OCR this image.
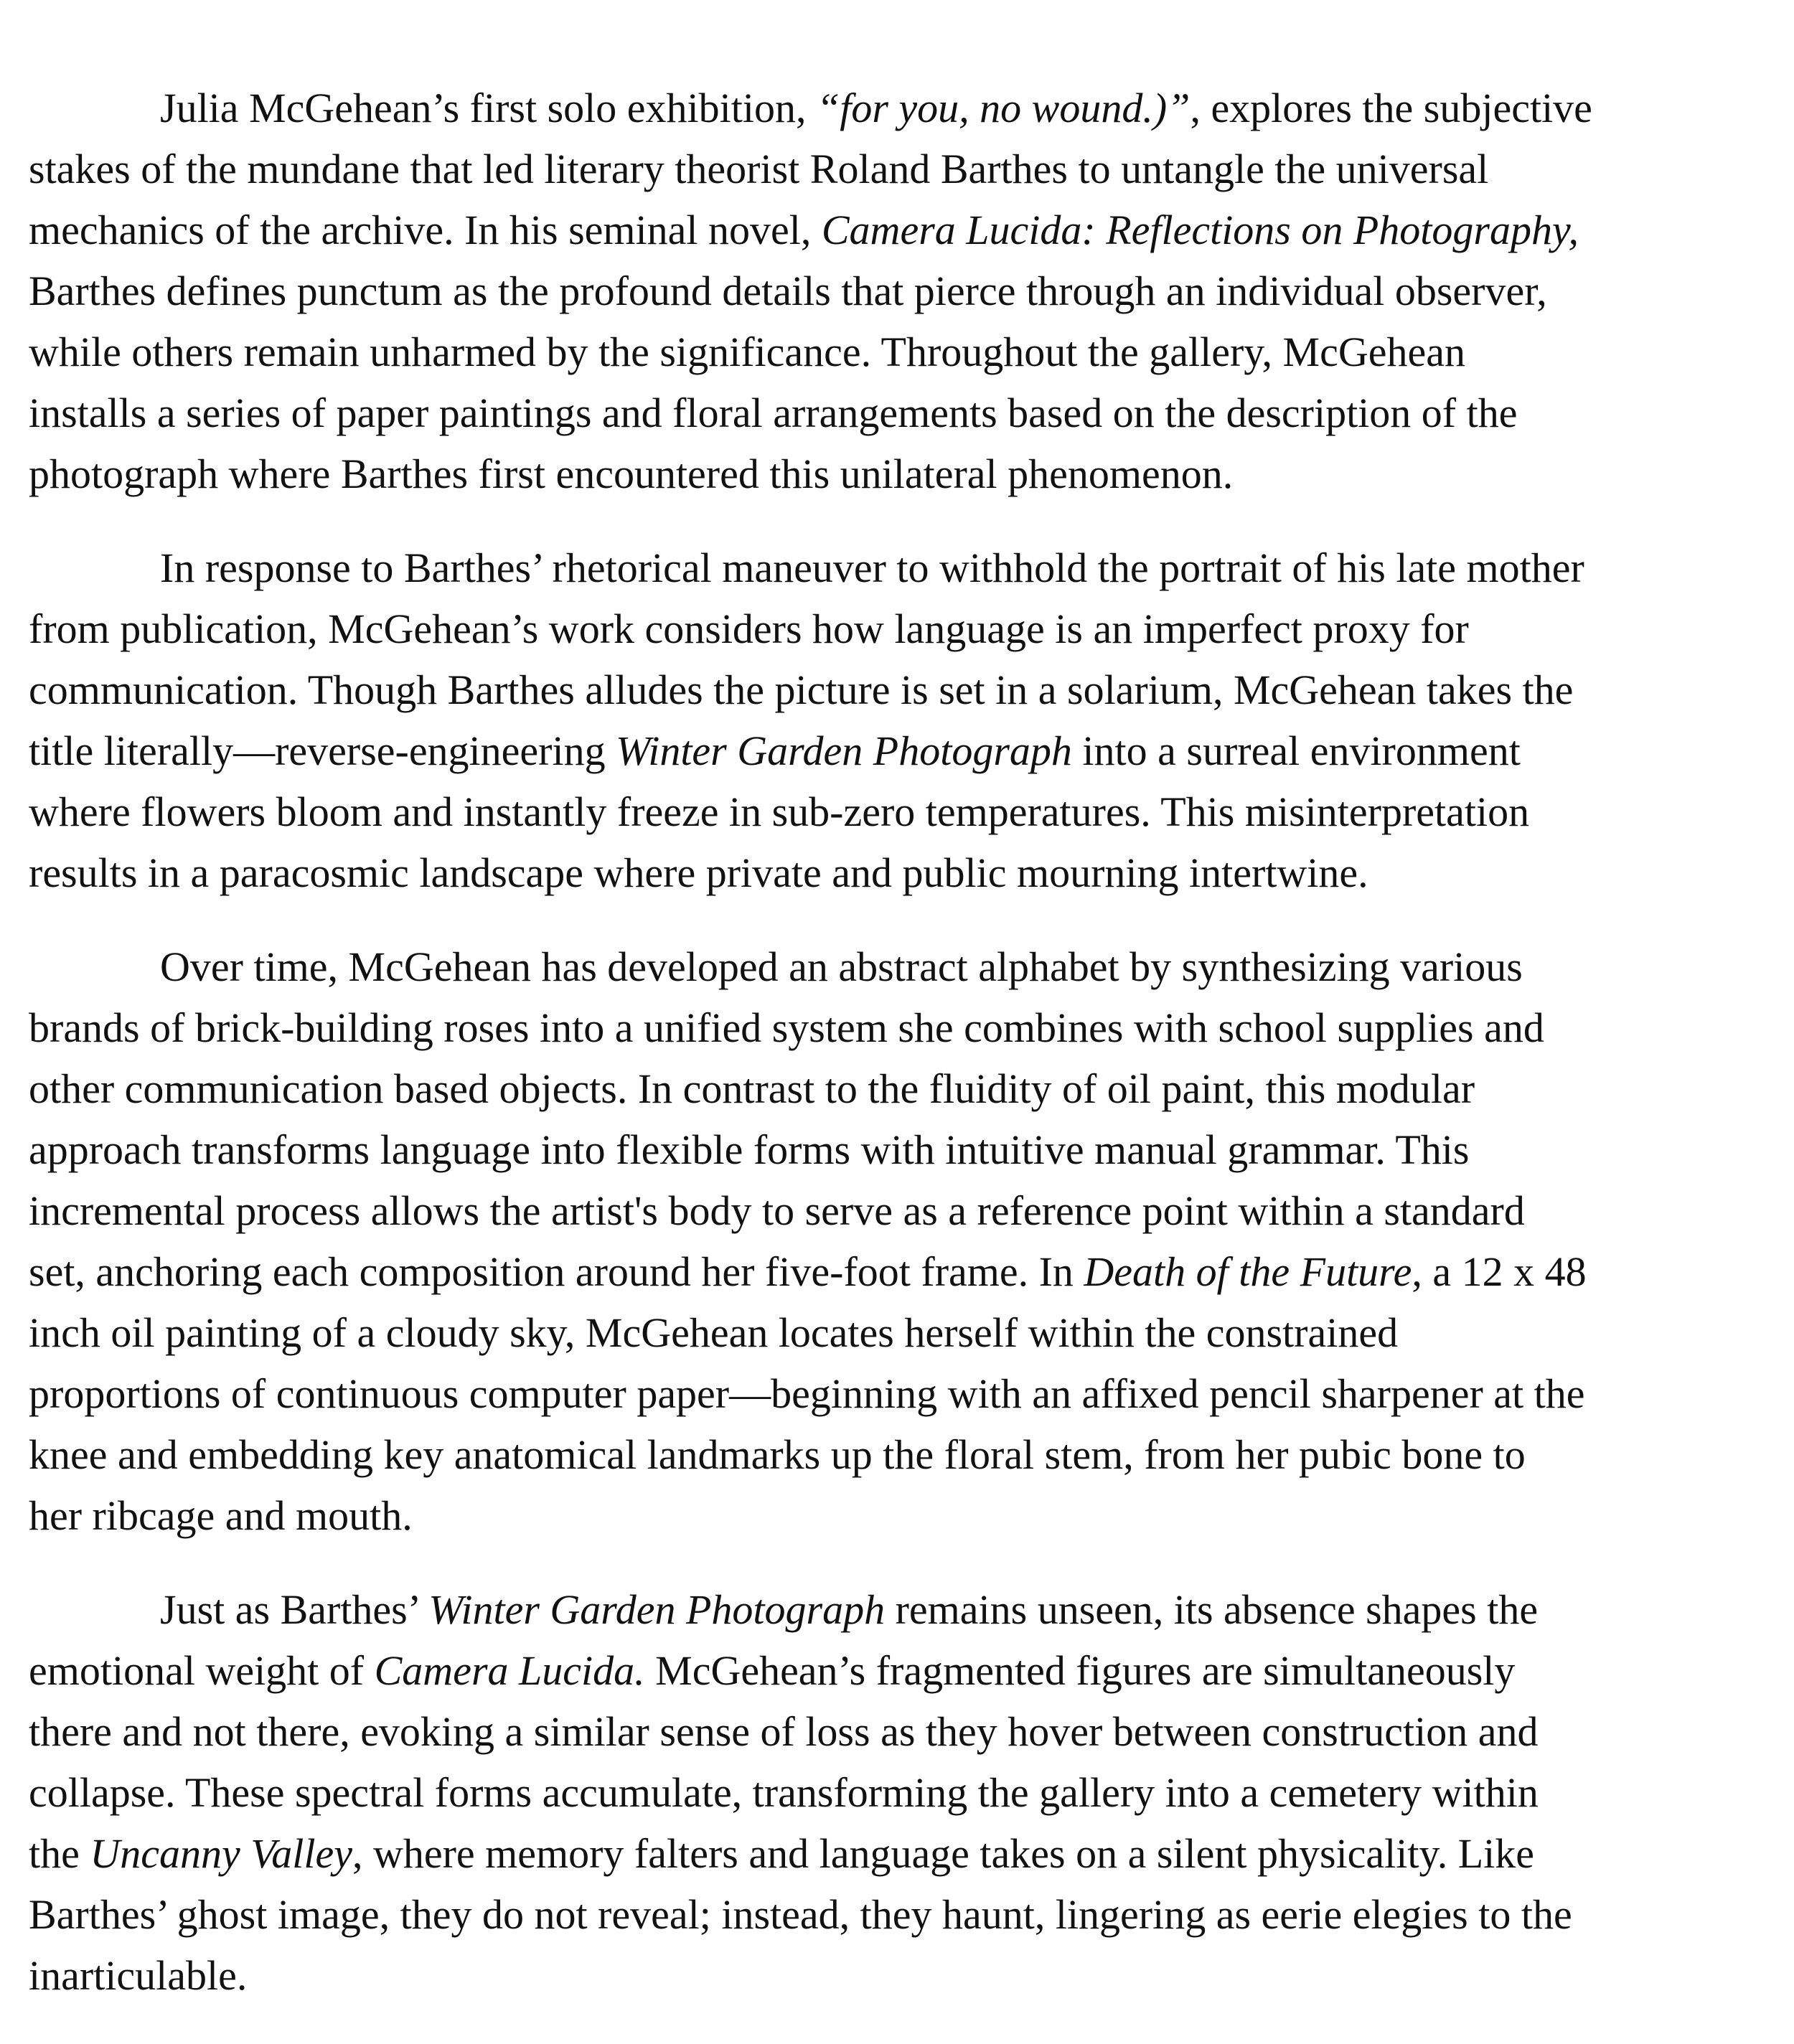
Julia McGehean’s first solo exhibition, “for you, no wound.)”, explores the subjective
stakes of the mundane that led literary theorist Roland Barthes to untangle the universal
mechanics of the archive. In his seminal novel, Camera Lucida: Reflections on Photography,
Barthes defines punctum as the profound details that pierce through an individual observer,
while others remain unharmed by the significance. Throughout the gallery, McGehean
installs a series of paper paintings and floral arrangements based on the description of the
photograph where Barthes first encountered this unilateral phenomenon.

In response to Barthes’ rhetorical maneuver to withhold the portrait of his late mother
from publication, McGehean’s work considers how language is an imperfect proxy for
communication. Though Barthes alludes the picture is set in a solarium, McGehean takes the
title literally—reverse-engineering Winter Garden Photograph into a surreal environment
where flowers bloom and instantly freeze in sub-zero temperatures. This misinterpretation
results in a paracosmic landscape where private and public mourning intertwine.

Over time, McGehean has developed an abstract alphabet by synthesizing various
brands of brick-building roses into a unified system she combines with school supplies and
other communication based objects. In contrast to the fluidity of oil paint, this modular
approach transforms language into flexible forms with intuitive manual grammar. This
incremental process allows the artist's body to serve as a reference point within a standard
set, anchoring each composition around her five-foot frame. In Death of the Future, a 12 x 48
inch oil painting of a cloudy sky, McGehean locates herself within the constrained
proportions of continuous computer paper—beginning with an affixed pencil sharpener at the
knee and embedding key anatomical landmarks up the floral stem, from her pubic bone to
her ribcage and mouth.

Just as Barthes’ Winter Garden Photograph remains unseen, its absence shapes the
emotional weight of Camera Lucida. McGehean’s fragmented figures are simultaneously
there and not there, evoking a similar sense of loss as they hover between construction and
collapse. These spectral forms accumulate, transforming the gallery into a cemetery within
the Uncanny Valley, where memory falters and language takes on a silent physicality. Like
Barthes’ ghost image, they do not reveal; instead, they haunt, lingering as eerie elegies to the
inarticulable.
